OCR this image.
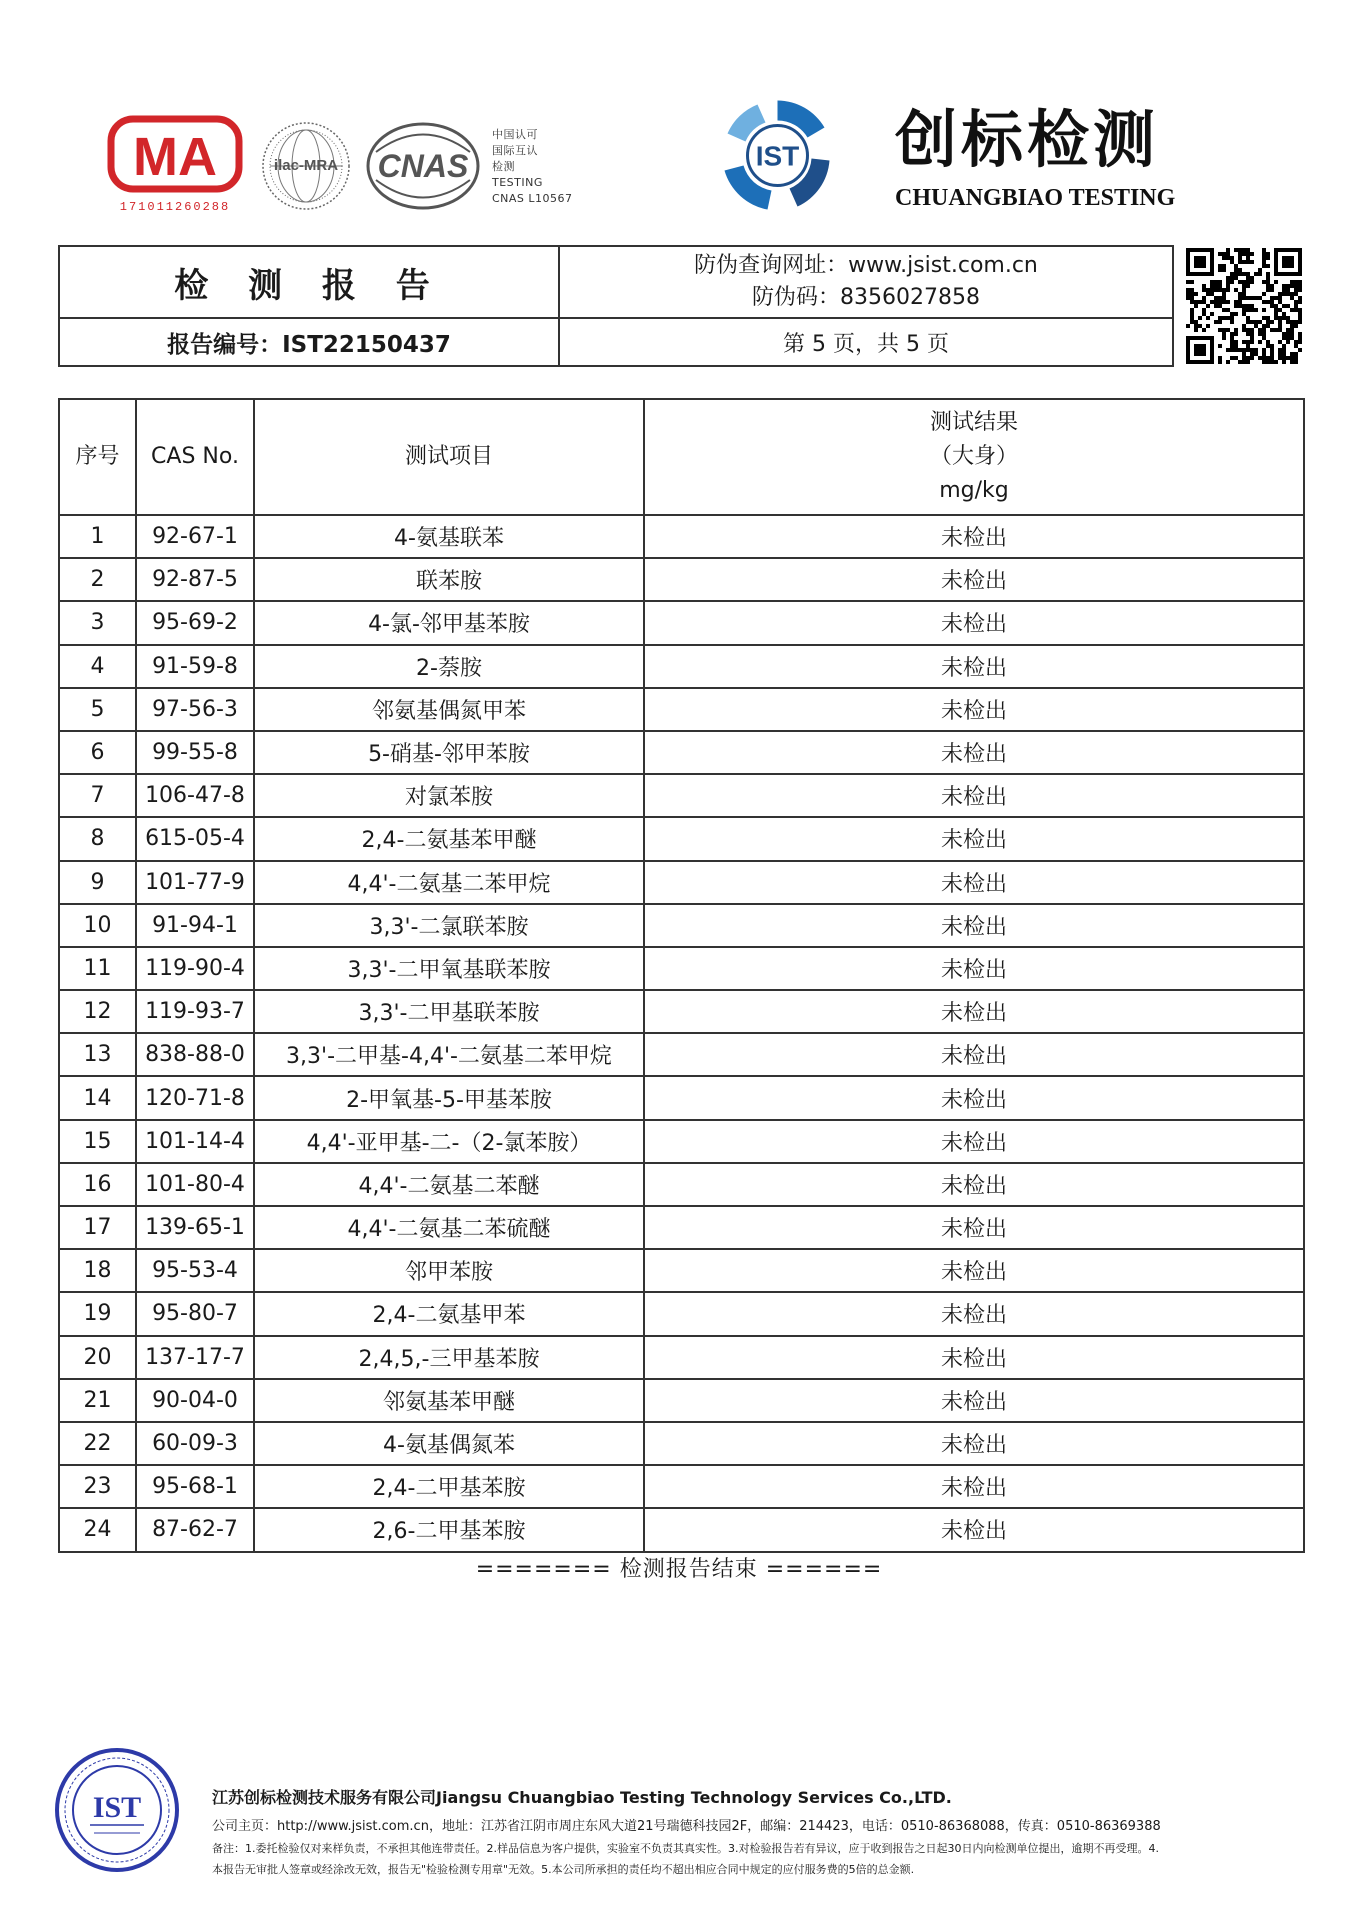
MA
171011260288
ilac-MRA CNAS
中国认可
国际互认
检测
TESTING
CNAS L10567
IST 创标检测
CHUANGBIAO TESTING
检 测 报 告	防伪查询网址：www.jsist.com.cn
防伪码：8356027858
报告编号：IST22150437	第 5 页，共 5 页
序号	CAS No.	测试项目	测试结果
（大身）
mg/kg

1	92-67-1	4-氨基联苯	未检出
2	92-87-5	联苯胺	未检出
3	95-69-2	4-氯-邻甲基苯胺	未检出
4	91-59-8	2-萘胺	未检出
5	97-56-3	邻氨基偶氮甲苯	未检出
6	99-55-8	5-硝基-邻甲苯胺	未检出
7	106-47-8	对氯苯胺	未检出
8	615-05-4	2,4-二氨基苯甲醚	未检出
9	101-77-9	4,4'-二氨基二苯甲烷	未检出
10	91-94-1	3,3'-二氯联苯胺	未检出
11	119-90-4	3,3'-二甲氧基联苯胺	未检出
12	119-93-7	3,3'-二甲基联苯胺	未检出
13	838-88-0	3,3'-二甲基-4,4'-二氨基二苯甲烷	未检出
14	120-71-8	2-甲氧基-5-甲基苯胺	未检出
15	101-14-4	4,4'-亚甲基-二-（2-氯苯胺）	未检出
16	101-80-4	4,4'-二氨基二苯醚	未检出
17	139-65-1	4,4'-二氨基二苯硫醚	未检出
18	95-53-4	邻甲苯胺	未检出
19	95-80-7	2,4-二氨基甲苯	未检出
20	137-17-7	2,4,5,-三甲基苯胺	未检出
21	90-04-0	邻氨基苯甲醚	未检出
22	60-09-3	4-氨基偶氮苯	未检出
23	95-68-1	2,4-二甲基苯胺	未检出
24	87-62-7	2,6-二甲基苯胺	未检出
======= 检测报告结束 ======
IST	江苏创标检测技术服务有限公司Jiangsu Chuangbiao Testing Technology Services Co.,LTD.
公司主页：http://www.jsist.com.cn，地址：江苏省江阴市周庄东风大道21号瑞德科技园2F，邮编：214423，电话：0510-86368088，传真：0510-86369388
备注：1.委托检验仅对来样负责，不承担其他连带责任。2.样品信息为客户提供，实验室不负责其真实性。3.对检验报告若有异议，应于收到报告之日起30日内向检测单位提出，逾期不再受理。4.
本报告无审批人签章或经涂改无效，报告无"检验检测专用章"无效。5.本公司所承担的责任均不超出相应合同中规定的应付服务费的5倍的总金额.
